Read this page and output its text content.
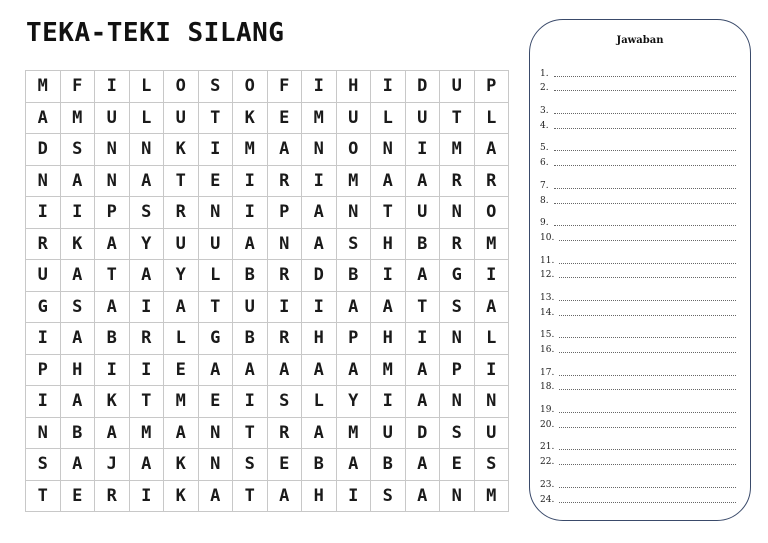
TEKA-TEKI SILANG
M	F	I	L	O	S	O	F	I	H	I	D	U	P
A	M	U	L	U	T	K	E	M	U	L	U	T	L
D	S	N	N	K	I	M	A	N	O	N	I	M	A
N	A	N	A	T	E	I	R	I	M	A	A	R	R
I	I	P	S	R	N	I	P	A	N	T	U	N	O
R	K	A	Y	U	U	A	N	A	S	H	B	R	M
U	A	T	A	Y	L	B	R	D	B	I	A	G	I
G	S	A	I	A	T	U	I	I	A	A	T	S	A
I	A	B	R	L	G	B	R	H	P	H	I	N	L
P	H	I	I	E	A	A	A	A	A	M	A	P	I
I	A	K	T	M	E	I	S	L	Y	I	A	N	N
N	B	A	M	A	N	T	R	A	M	U	D	S	U
S	A	J	A	K	N	S	E	B	A	B	A	E	S
T	E	R	I	K	A	T	A	H	I	S	A	N	M
Jawaban
1.
2.
3.
4.
5.
6.
7.
8.
9.
10.
11.
12.
13.
14.
15.
16.
17.
18.
19.
20.
21.
22.
23.
24.
